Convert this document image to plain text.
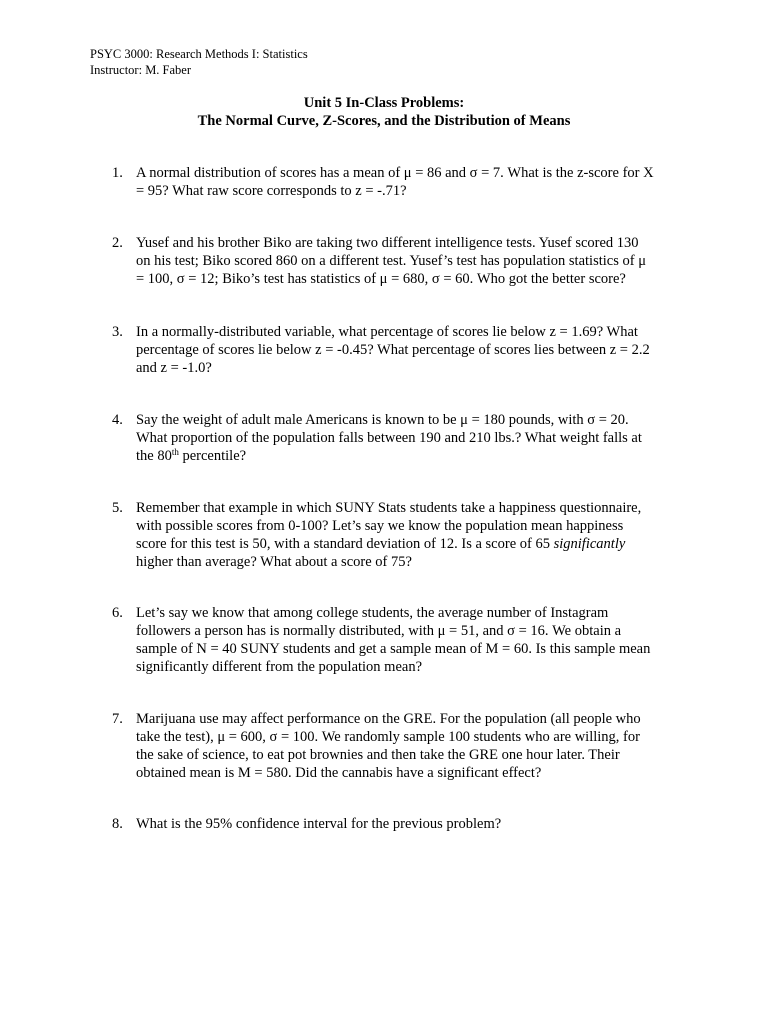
PSYC 3000: Research Methods I: Statistics
Instructor: M. Faber
Unit 5 In-Class Problems:
The Normal Curve, Z-Scores, and the Distribution of Means
1. A normal distribution of scores has a mean of μ = 86 and σ = 7. What is the z-score for X
= 95? What raw score corresponds to z = -.71?
2. Yusef and his brother Biko are taking two different intelligence tests. Yusef scored 130
on his test; Biko scored 860 on a different test. Yusef’s test has population statistics of μ
= 100, σ = 12; Biko’s test has statistics of μ = 680, σ = 60. Who got the better score?
3. In a normally-distributed variable, what percentage of scores lie below z = 1.69? What
percentage of scores lie below z = -0.45? What percentage of scores lies between z = 2.2
and z = -1.0?
4. Say the weight of adult male Americans is known to be μ = 180 pounds, with σ = 20.
What proportion of the population falls between 190 and 210 lbs.? What weight falls at
the 80th percentile?
5. Remember that example in which SUNY Stats students take a happiness questionnaire,
with possible scores from 0-100? Let’s say we know the population mean happiness
score for this test is 50, with a standard deviation of 12. Is a score of 65 significantly
higher than average? What about a score of 75?
6. Let’s say we know that among college students, the average number of Instagram
followers a person has is normally distributed, with μ = 51, and σ = 16. We obtain a
sample of N = 40 SUNY students and get a sample mean of M = 60. Is this sample mean
significantly different from the population mean?
7. Marijuana use may affect performance on the GRE. For the population (all people who
take the test), μ = 600, σ = 100. We randomly sample 100 students who are willing, for
the sake of science, to eat pot brownies and then take the GRE one hour later. Their
obtained mean is M = 580. Did the cannabis have a significant effect?
8. What is the 95% confidence interval for the previous problem?
